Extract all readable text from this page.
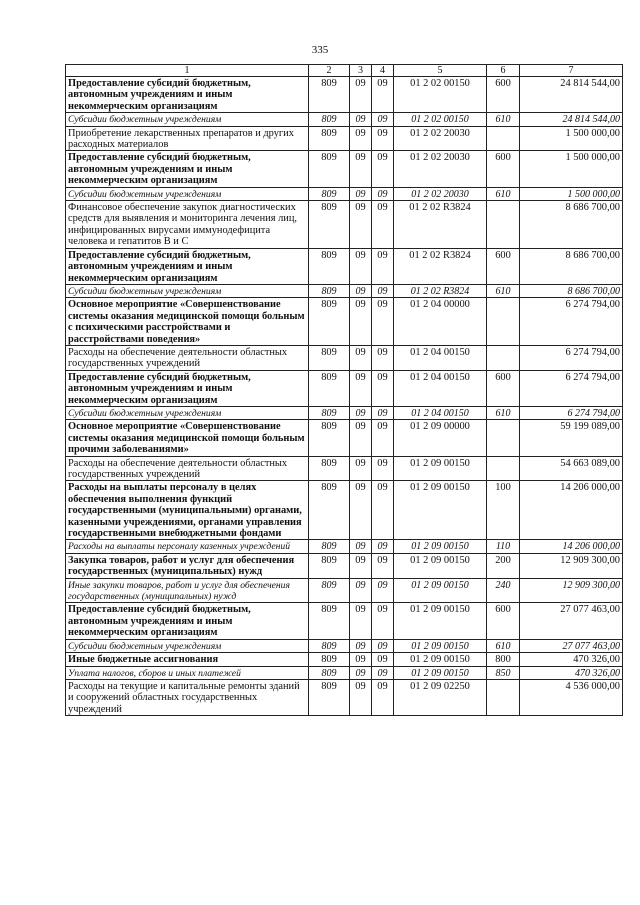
335
1	2	3	4	5	6	7
Предоставление субсидий бюджетным, автономным учреждениям и иным некоммерческим организациям	809	09	09	01 2 02 00150	600	24 814 544,00
Субсидии бюджетным учреждениям	809	09	09	01 2 02 00150	610	24 814 544,00
Приобретение лекарственных препаратов и других расходных материалов	809	09	09	01 2 02 20030		1 500 000,00
Предоставление субсидий бюджетным, автономным учреждениям и иным некоммерческим организациям	809	09	09	01 2 02 20030	600	1 500 000,00
Субсидии бюджетным учреждениям	809	09	09	01 2 02 20030	610	1 500 000,00
Финансовое обеспечение закупок диагностических средств для выявления и мониторинга лечения лиц, инфицированных вирусами иммунодефицита человека и гепатитов В и С	809	09	09	01 2 02 R3824		8 686 700,00
Предоставление субсидий бюджетным, автономным учреждениям и иным некоммерческим организациям	809	09	09	01 2 02 R3824	600	8 686 700,00
Субсидии бюджетным учреждениям	809	09	09	01 2 02 R3824	610	8 686 700,00
Основное мероприятие «Совершенствование системы оказания медицинской помощи больным с психическими расстройствами и расстройствами поведения»	809	09	09	01 2 04 00000		6 274 794,00
Расходы на обеспечение деятельности областных государственных учреждений	809	09	09	01 2 04 00150		6 274 794,00
Предоставление субсидий бюджетным, автономным учреждениям и иным некоммерческим организациям	809	09	09	01 2 04 00150	600	6 274 794,00
Субсидии бюджетным учреждениям	809	09	09	01 2 04 00150	610	6 274 794,00
Основное мероприятие «Совершенствование системы оказания медицинской помощи больным прочими заболеваниями»	809	09	09	01 2 09 00000		59 199 089,00
Расходы на обеспечение деятельности областных государственных учреждений	809	09	09	01 2 09 00150		54 663 089,00
Расходы на выплаты персоналу в целях обеспечения выполнения функций государственными (муниципальными) органами, казенными учреждениями, органами управления государственными внебюджетными фондами	809	09	09	01 2 09 00150	100	14 206 000,00
Расходы на выплаты персоналу казенных учреждений	809	09	09	01 2 09 00150	110	14 206 000,00
Закупка товаров, работ и услуг для обеспечения государственных (муниципальных) нужд	809	09	09	01 2 09 00150	200	12 909 300,00
Иные закупки товаров, работ и услуг для обеспечения государственных (муниципальных) нужд	809	09	09	01 2 09 00150	240	12 909 300,00
Предоставление субсидий бюджетным, автономным учреждениям и иным некоммерческим организациям	809	09	09	01 2 09 00150	600	27 077 463,00
Субсидии бюджетным учреждениям	809	09	09	01 2 09 00150	610	27 077 463,00
Иные бюджетные ассигнования	809	09	09	01 2 09 00150	800	470 326,00
Уплата налогов, сборов и иных платежей	809	09	09	01 2 09 00150	850	470 326,00
Расходы на текущие и капитальные ремонты зданий и сооружений областных государственных учреждений	809	09	09	01 2 09 02250		4 536 000,00
